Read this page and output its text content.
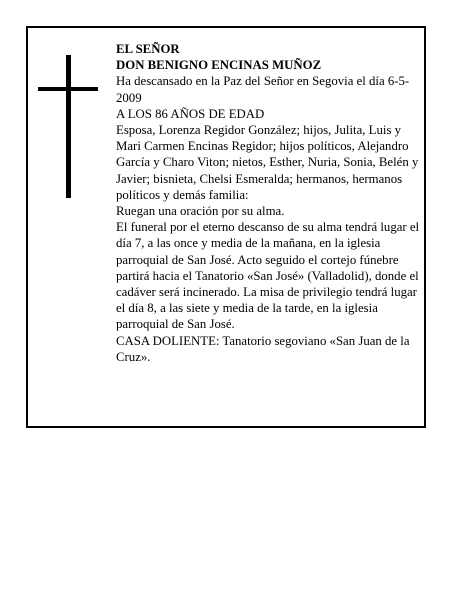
EL SEÑOR

DON BENIGNO ENCINAS MUÑOZ

Ha descansado en la Paz del Señor en Segovia el día 6-5-2009

A LOS 86 AÑOS DE EDAD

Esposa, Lorenza Regidor González; hijos, Julita, Luis y Mari Carmen Encinas Regidor; hijos políticos, Alejandro García y Charo Viton; nietos, Esther, Nuria, Sonia, Belén y Javier; bisnieta, Chelsi Esmeralda; hermanos, hermanos políticos y demás familia:

Ruegan una oración por su alma.

El funeral por el eterno descanso de su alma tendrá lugar el día 7, a las once y media de la mañana, en la iglesia parroquial de San José. Acto seguido el cortejo fúnebre partirá hacia el Tanatorio «San José» (Valladolid), donde el cadáver será incinerado. La misa de privilegio tendrá lugar el día 8, a las siete y media de la tarde, en la iglesia parroquial de San José.

CASA DOLIENTE: Tanatorio segoviano «San Juan de la Cruz».
